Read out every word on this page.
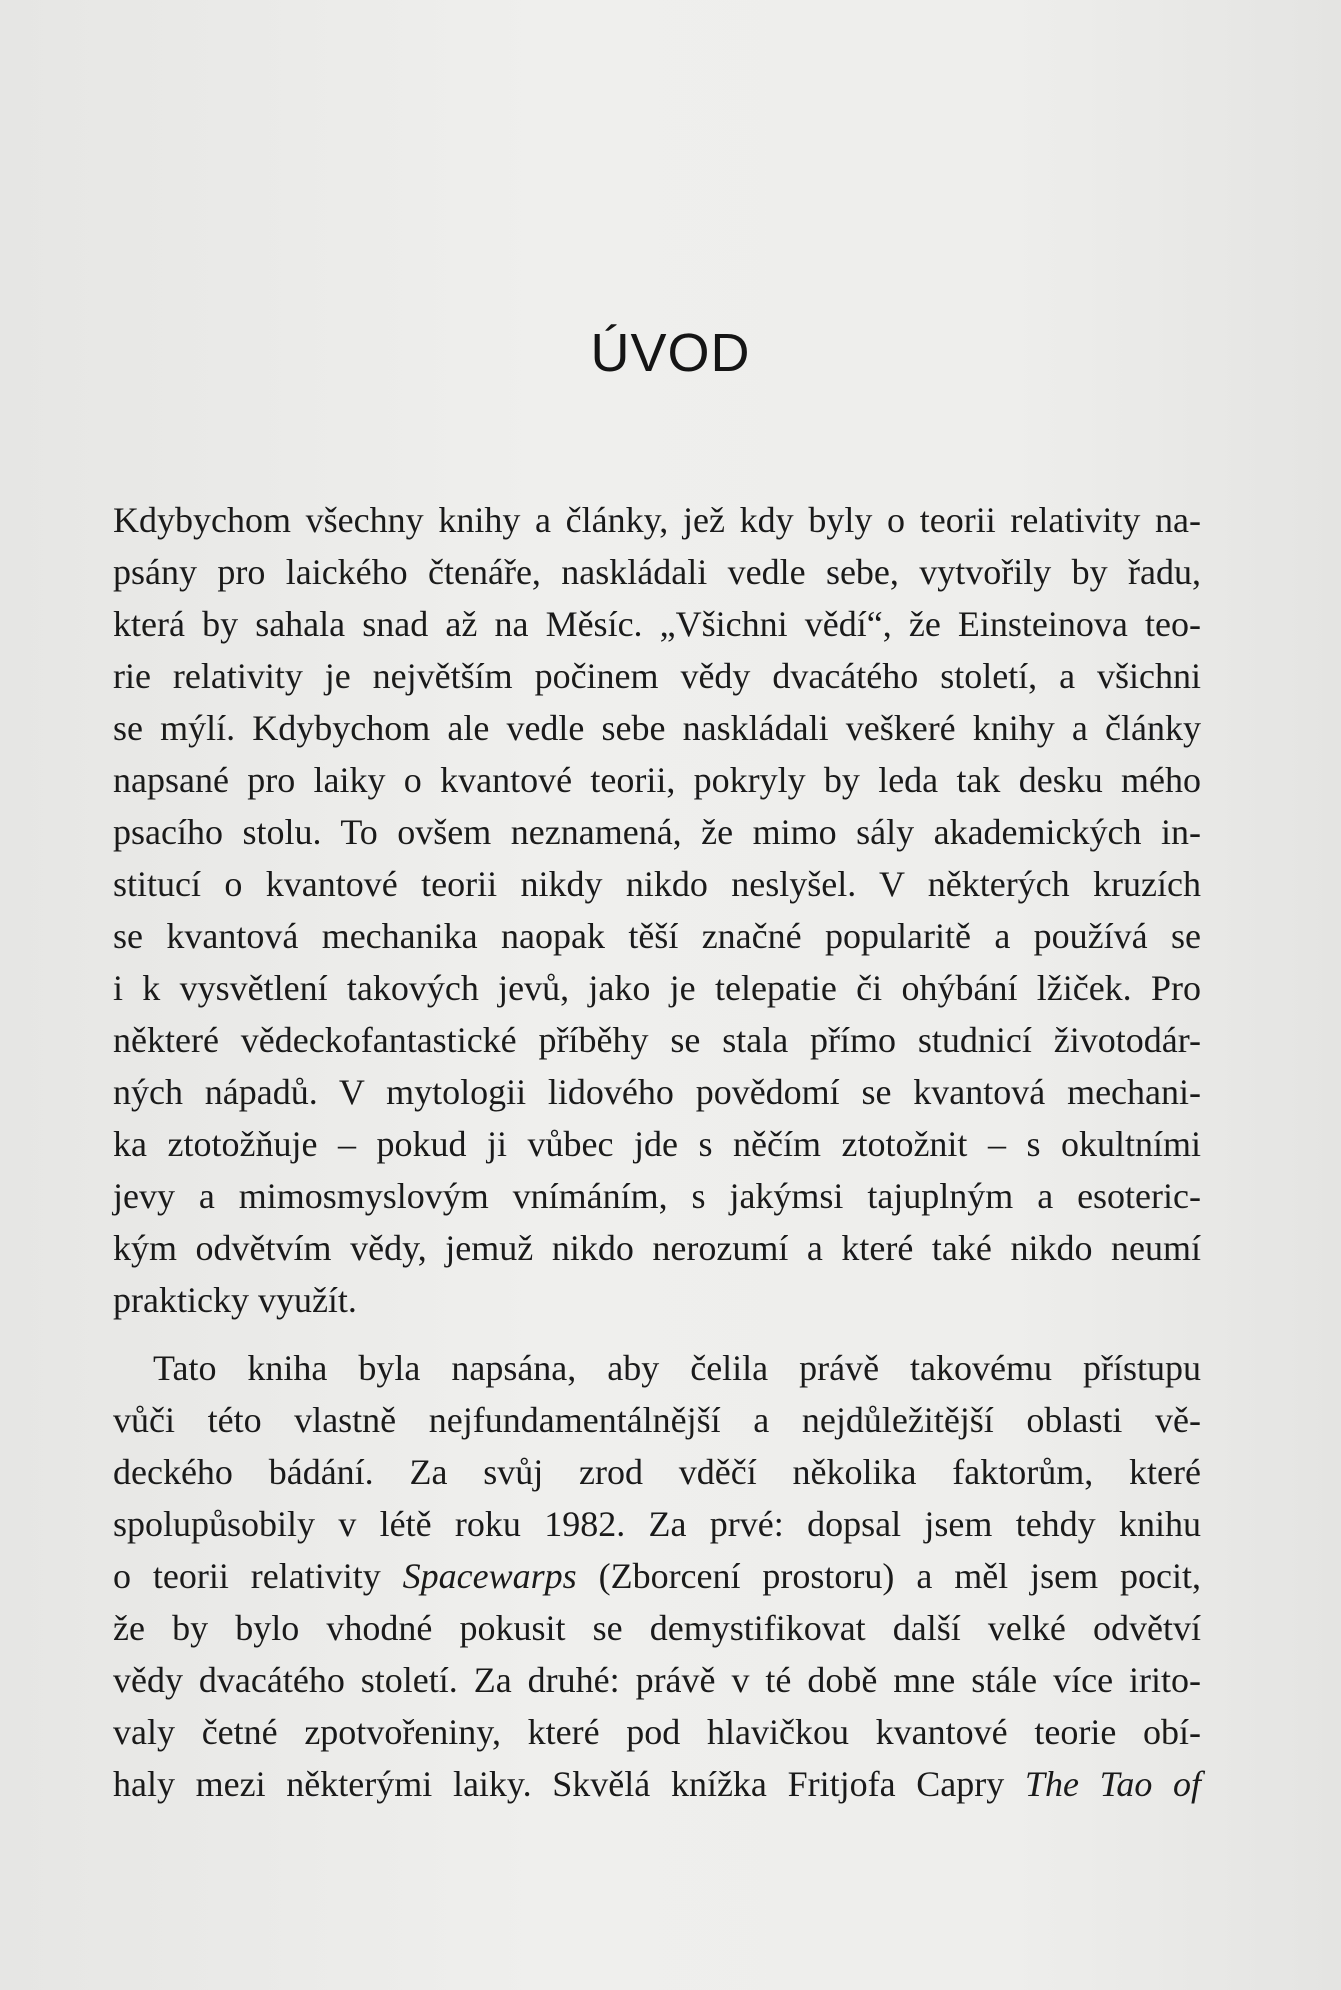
ÚVOD
Kdybychom všechny knihy a články, jež kdy byly o teorii relativity na-
psány pro laického čtenáře, naskládali vedle sebe, vytvořily by řadu,
která by sahala snad až na Měsíc. „Všichni vědí“, že Einsteinova teo-
rie relativity je největším počinem vědy dvacátého století, a všichni
se mýlí. Kdybychom ale vedle sebe naskládali veškeré knihy a články
napsané pro laiky o kvantové teorii, pokryly by leda tak desku mého
psacího stolu. To ovšem neznamená, že mimo sály akademických in-
stitucí o kvantové teorii nikdy nikdo neslyšel. V některých kruzích
se kvantová mechanika naopak těší značné popularitě a používá se
i k vysvětlení takových jevů, jako je telepatie či ohýbání lžiček. Pro
některé vědeckofantastické příběhy se stala přímo studnicí životodár-
ných nápadů. V mytologii lidového povědomí se kvantová mechani-
ka ztotožňuje – pokud ji vůbec jde s něčím ztotožnit – s okultními
jevy a mimosmyslovým vnímáním, s jakýmsi tajuplným a esoteric-
kým odvětvím vědy, jemuž nikdo nerozumí a které také nikdo neumí
prakticky využít.
Tato kniha byla napsána, aby čelila právě takovému přístupu
vůči této vlastně nejfundamentálnější a nejdůležitější oblasti vě-
deckého bádání. Za svůj zrod vděčí několika faktorům, které
spolupůsobily v létě roku 1982. Za prvé: dopsal jsem tehdy knihu
o teorii relativity Spacewarps (Zborcení prostoru) a měl jsem pocit,
že by bylo vhodné pokusit se demystifikovat další velké odvětví
vědy dvacátého století. Za druhé: právě v té době mne stále více irito-
valy četné zpotvořeniny, které pod hlavičkou kvantové teorie obí-
haly mezi některými laiky. Skvělá knížka Fritjofa Capry The Tao of
